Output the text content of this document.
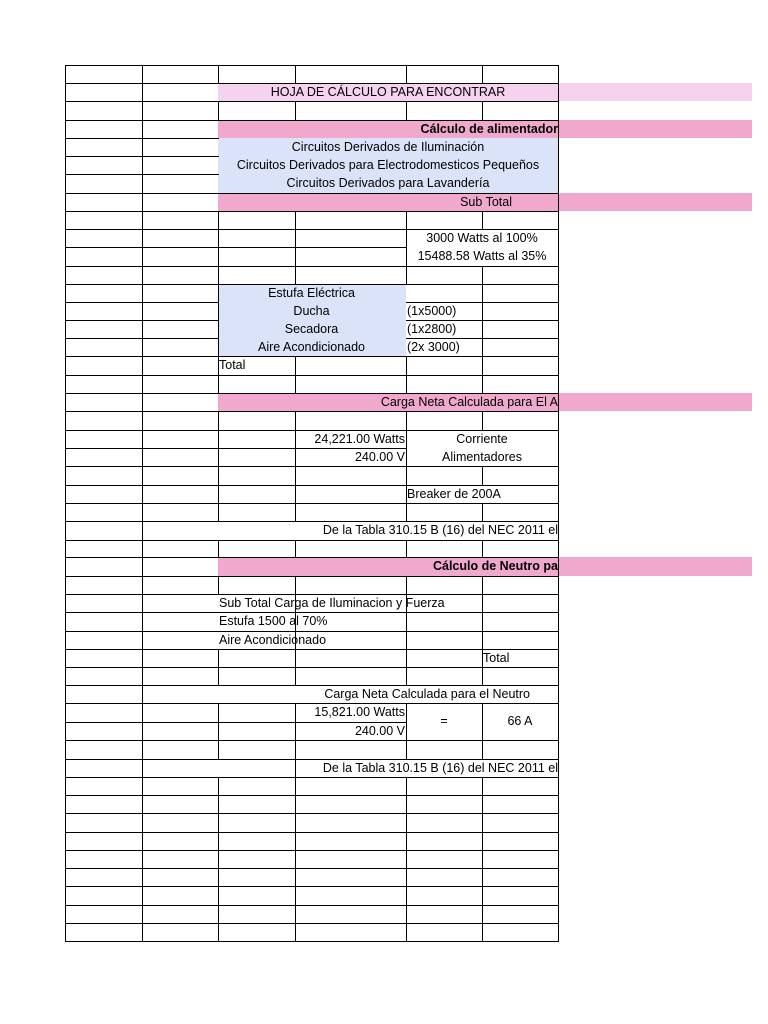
HOJA DE CÁLCULO PARA ENCONTRAR
Cálculo de alimentador
Circuitos Derivados de Iluminación
Circuitos Derivados para Electrodomesticos Pequeños
Circuitos Derivados para Lavandería
Sub Total
3000 Watts al 100%
15488.58 Watts al 35%
Estufa Eléctrica
Ducha	(1x5000)
Secadora	(1x2800)
Aire Acondicionado	(2x 3000)
Total
Carga Neta Calculada para El A
24,221.00 Watts	Corriente
240.00 V	Alimentadores
Breaker de 200A
De la Tabla 310.15 B (16) del NEC 2011 el
Cálculo de Neutro pa
Sub Total Carga de Iluminacion y Fuerza
Estufa 1500 al 70%
Aire Acondicionado
Total
Carga Neta Calculada para el Neutro
15,821.00 Watts
=	66 A
240.00 V
De la Tabla 310.15 B (16) del NEC 2011 el
